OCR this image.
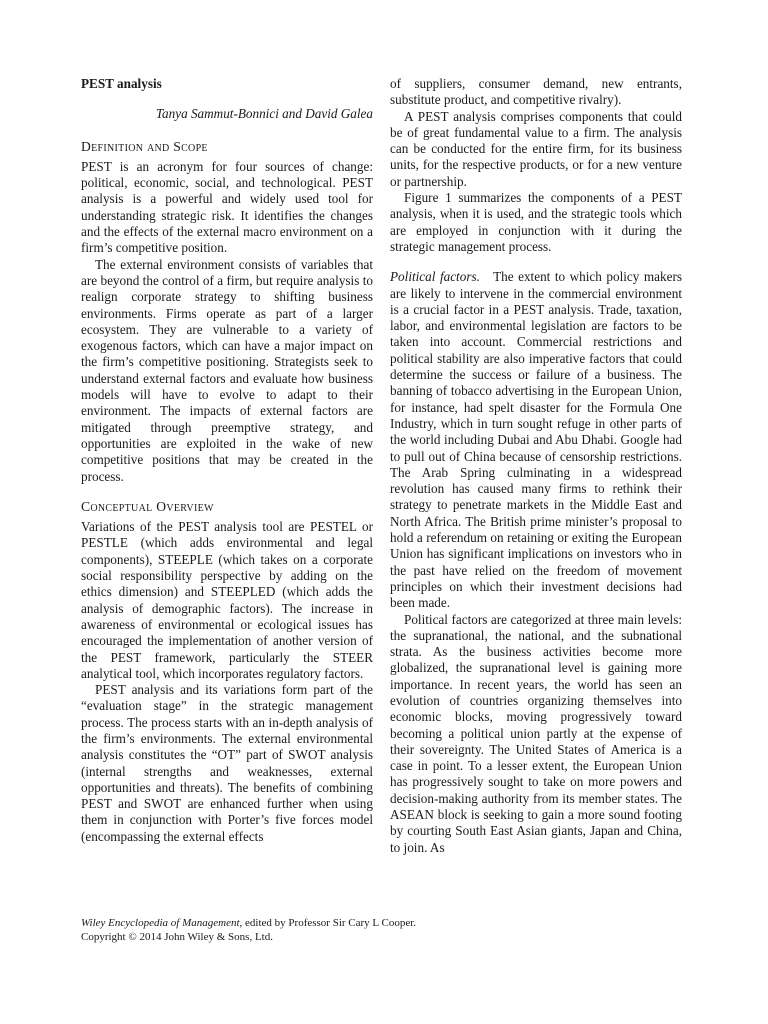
PEST analysis
Tanya Sammut-Bonnici and David Galea
Definition and Scope

PEST is an acronym for four sources of change: political, economic, social, and technological. PEST analysis is a powerful and widely used tool for understanding strategic risk. It identifies the changes and the effects of the external macro environment on a firm’s competitive position.

The external environment consists of variables that are beyond the control of a firm, but require analysis to realign corporate strategy to shifting business environments. Firms operate as part of a larger ecosystem. They are vulnerable to a variety of exogenous factors, which can have a major impact on the firm’s competitive positioning. Strategists seek to understand external factors and evaluate how business models will have to evolve to adapt to their environment. The impacts of external factors are mitigated through preemptive strategy, and opportunities are exploited in the wake of new competitive positions that may be created in the process.

Conceptual Overview

Variations of the PEST analysis tool are PESTEL or PESTLE (which adds environmental and legal components), STEEPLE (which takes on a corporate social responsibility perspective by adding on the ethics dimension) and STEEPLED (which adds the analysis of demographic factors). The increase in awareness of environmental or ecological issues has encouraged the implementation of another version of the PEST framework, particularly the STEER analytical tool, which incorporates regulatory factors.

PEST analysis and its variations form part of the “evaluation stage” in the strategic management process. The process starts with an in-depth analysis of the firm’s environments. The external environmental analysis constitutes the “OT” part of SWOT analysis (internal strengths and weaknesses, external opportunities and threats). The benefits of combining PEST and SWOT are enhanced further when using them in conjunction with Porter’s five forces model (encompassing the external effects

of suppliers, consumer demand, new entrants, substitute product, and competitive rivalry).

A PEST analysis comprises components that could be of great fundamental value to a firm. The analysis can be conducted for the entire firm, for its business units, for the respective products, or for a new venture or partnership.

Figure 1 summarizes the components of a PEST analysis, when it is used, and the strategic tools which are employed in conjunction with it during the strategic management process.

Political factors.  The extent to which policy makers are likely to intervene in the commercial environment is a crucial factor in a PEST analysis. Trade, taxation, labor, and environmental legislation are factors to be taken into account. Commercial restrictions and political stability are also imperative factors that could determine the success or failure of a business. The banning of tobacco advertising in the European Union, for instance, had spelt disaster for the Formula One Industry, which in turn sought refuge in other parts of the world including Dubai and Abu Dhabi. Google had to pull out of China because of censorship restrictions. The Arab Spring culminating in a widespread revolution has caused many firms to rethink their strategy to penetrate markets in the Middle East and North Africa. The British prime minister’s proposal to hold a referendum on retaining or exiting the European Union has significant implications on investors who in the past have relied on the freedom of movement principles on which their investment decisions had been made.

Political factors are categorized at three main levels: the supranational, the national, and the subnational strata. As the business activities become more globalized, the supranational level is gaining more importance. In recent years, the world has seen an evolution of countries organizing themselves into economic blocks, moving progressively toward becoming a political union partly at the expense of their sovereignty. The United States of America is a case in point. To a lesser extent, the European Union has progressively sought to take on more powers and decision-making authority from its member states. The ASEAN block is seeking to gain a more sound footing by courting South East Asian giants, Japan and China, to join. As

Wiley Encyclopedia of Management, edited by Professor Sir Cary L Cooper.
Copyright © 2014 John Wiley & Sons, Ltd.
